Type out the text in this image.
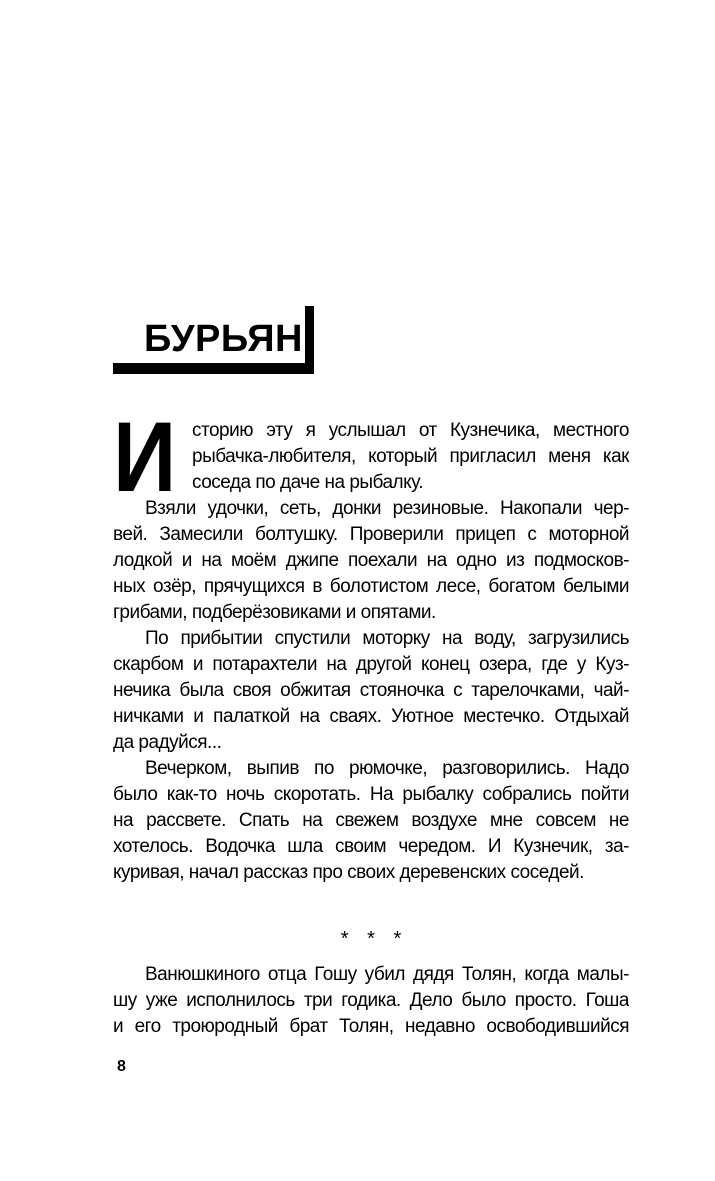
БУРЬЯН
И сторию эту я услышал от Кузнечика, местного
рыбачка-любителя, который пригласил меня как
соседа по даче на рыбалку.
Взяли удочки, сеть, донки резиновые. Накопали чер-
вей. Замесили болтушку. Проверили прицеп с моторной
лодкой и на моём джипе поехали на одно из подмосков-
ных озёр, прячущихся в болотистом лесе, богатом белыми
грибами, подберёзовиками и опятами.
По прибытии спустили моторку на воду, загрузились
скарбом и потарахтели на другой конец озера, где у Куз-
нечика была своя обжитая стояночка с тарелочками, чай-
ничками и палаткой на сваях. Уютное местечко. Отдыхай
да радуйся...
Вечерком, выпив по рюмочке, разговорились. Надо
было как-то ночь скоротать. На рыбалку собрались пойти
на рассвете. Спать на свежем воздухе мне совсем не
хотелось. Водочка шла своим чередом. И Кузнечик, за-
куривая, начал рассказ про своих деревенских соседей.
* * *
Ванюшкиного отца Гошу убил дядя Толян, когда малы-
шу уже исполнилось три годика. Дело было просто. Гоша
и его троюродный брат Толян, недавно освободившийся
8
